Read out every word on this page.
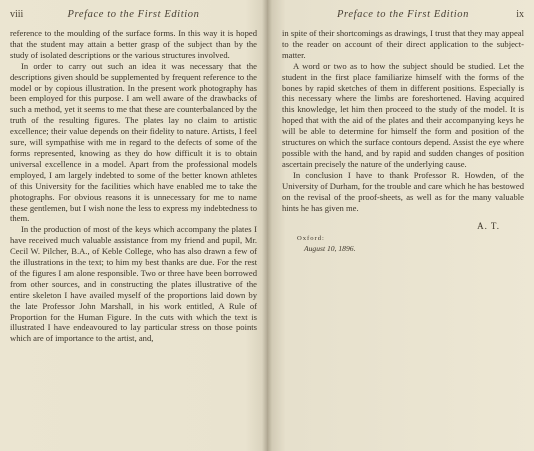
viii	Preface to the First Edition

reference to the moulding of the surface forms. In this way it is hoped that the student may attain a better grasp of the subject than by the study of isolated descriptions or the various structures involved.

In order to carry out such an idea it was necessary that the descriptions given should be supplemented by frequent reference to the model or by copious illustration. In the present work photography has been employed for this purpose. I am well aware of the drawbacks of such a method, yet it seems to me that these are counterbalanced by the truth of the resulting figures. The plates lay no claim to artistic excellence; their value depends on their fidelity to nature. Artists, I feel sure, will sympathise with me in regard to the defects of some of the forms represented, knowing as they do how difficult it is to obtain universal excellence in a model. Apart from the professional models employed, I am largely indebted to some of the better known athletes of this University for the facilities which have enabled me to take the photographs. For obvious reasons it is unnecessary for me to name these gentlemen, but I wish none the less to express my indebtedness to them.

In the production of most of the keys which accompany the plates I have received much valuable assistance from my friend and pupil, Mr. Cecil W. Pilcher, B.A., of Keble College, who has also drawn a few of the illustrations in the text; to him my best thanks are due. For the rest of the figures I am alone responsible. Two or three have been borrowed from other sources, and in constructing the plates illustrative of the entire skeleton I have availed myself of the proportions laid down by the late Professor John Marshall, in his work entitled, A Rule of Proportion for the Human Figure. In the cuts with which the text is illustrated I have endeavoured to lay particular stress on those points which are of importance to the artist, and,

Preface to the First Edition	ix

in spite of their shortcomings as drawings, I trust that they may appeal to the reader on account of their direct application to the subject-matter.

A word or two as to how the subject should be studied. Let the student in the first place familiarize himself with the forms of the bones by rapid sketches of them in different positions. Especially is this necessary where the limbs are foreshortened. Having acquired this knowledge, let him then proceed to the study of the model. It is hoped that with the aid of the plates and their accompanying keys he will be able to determine for himself the form and position of the structures on which the surface contours depend. Assist the eye where possible with the hand, and by rapid and sudden changes of position ascertain precisely the nature of the underlying cause.

In conclusion I have to thank Professor R. Howden, of the University of Durham, for the trouble and care which he has bestowed on the revisal of the proof-sheets, as well as for the many valuable hints he has given me.

A. T.
Oxford:
August 10, 1896.
